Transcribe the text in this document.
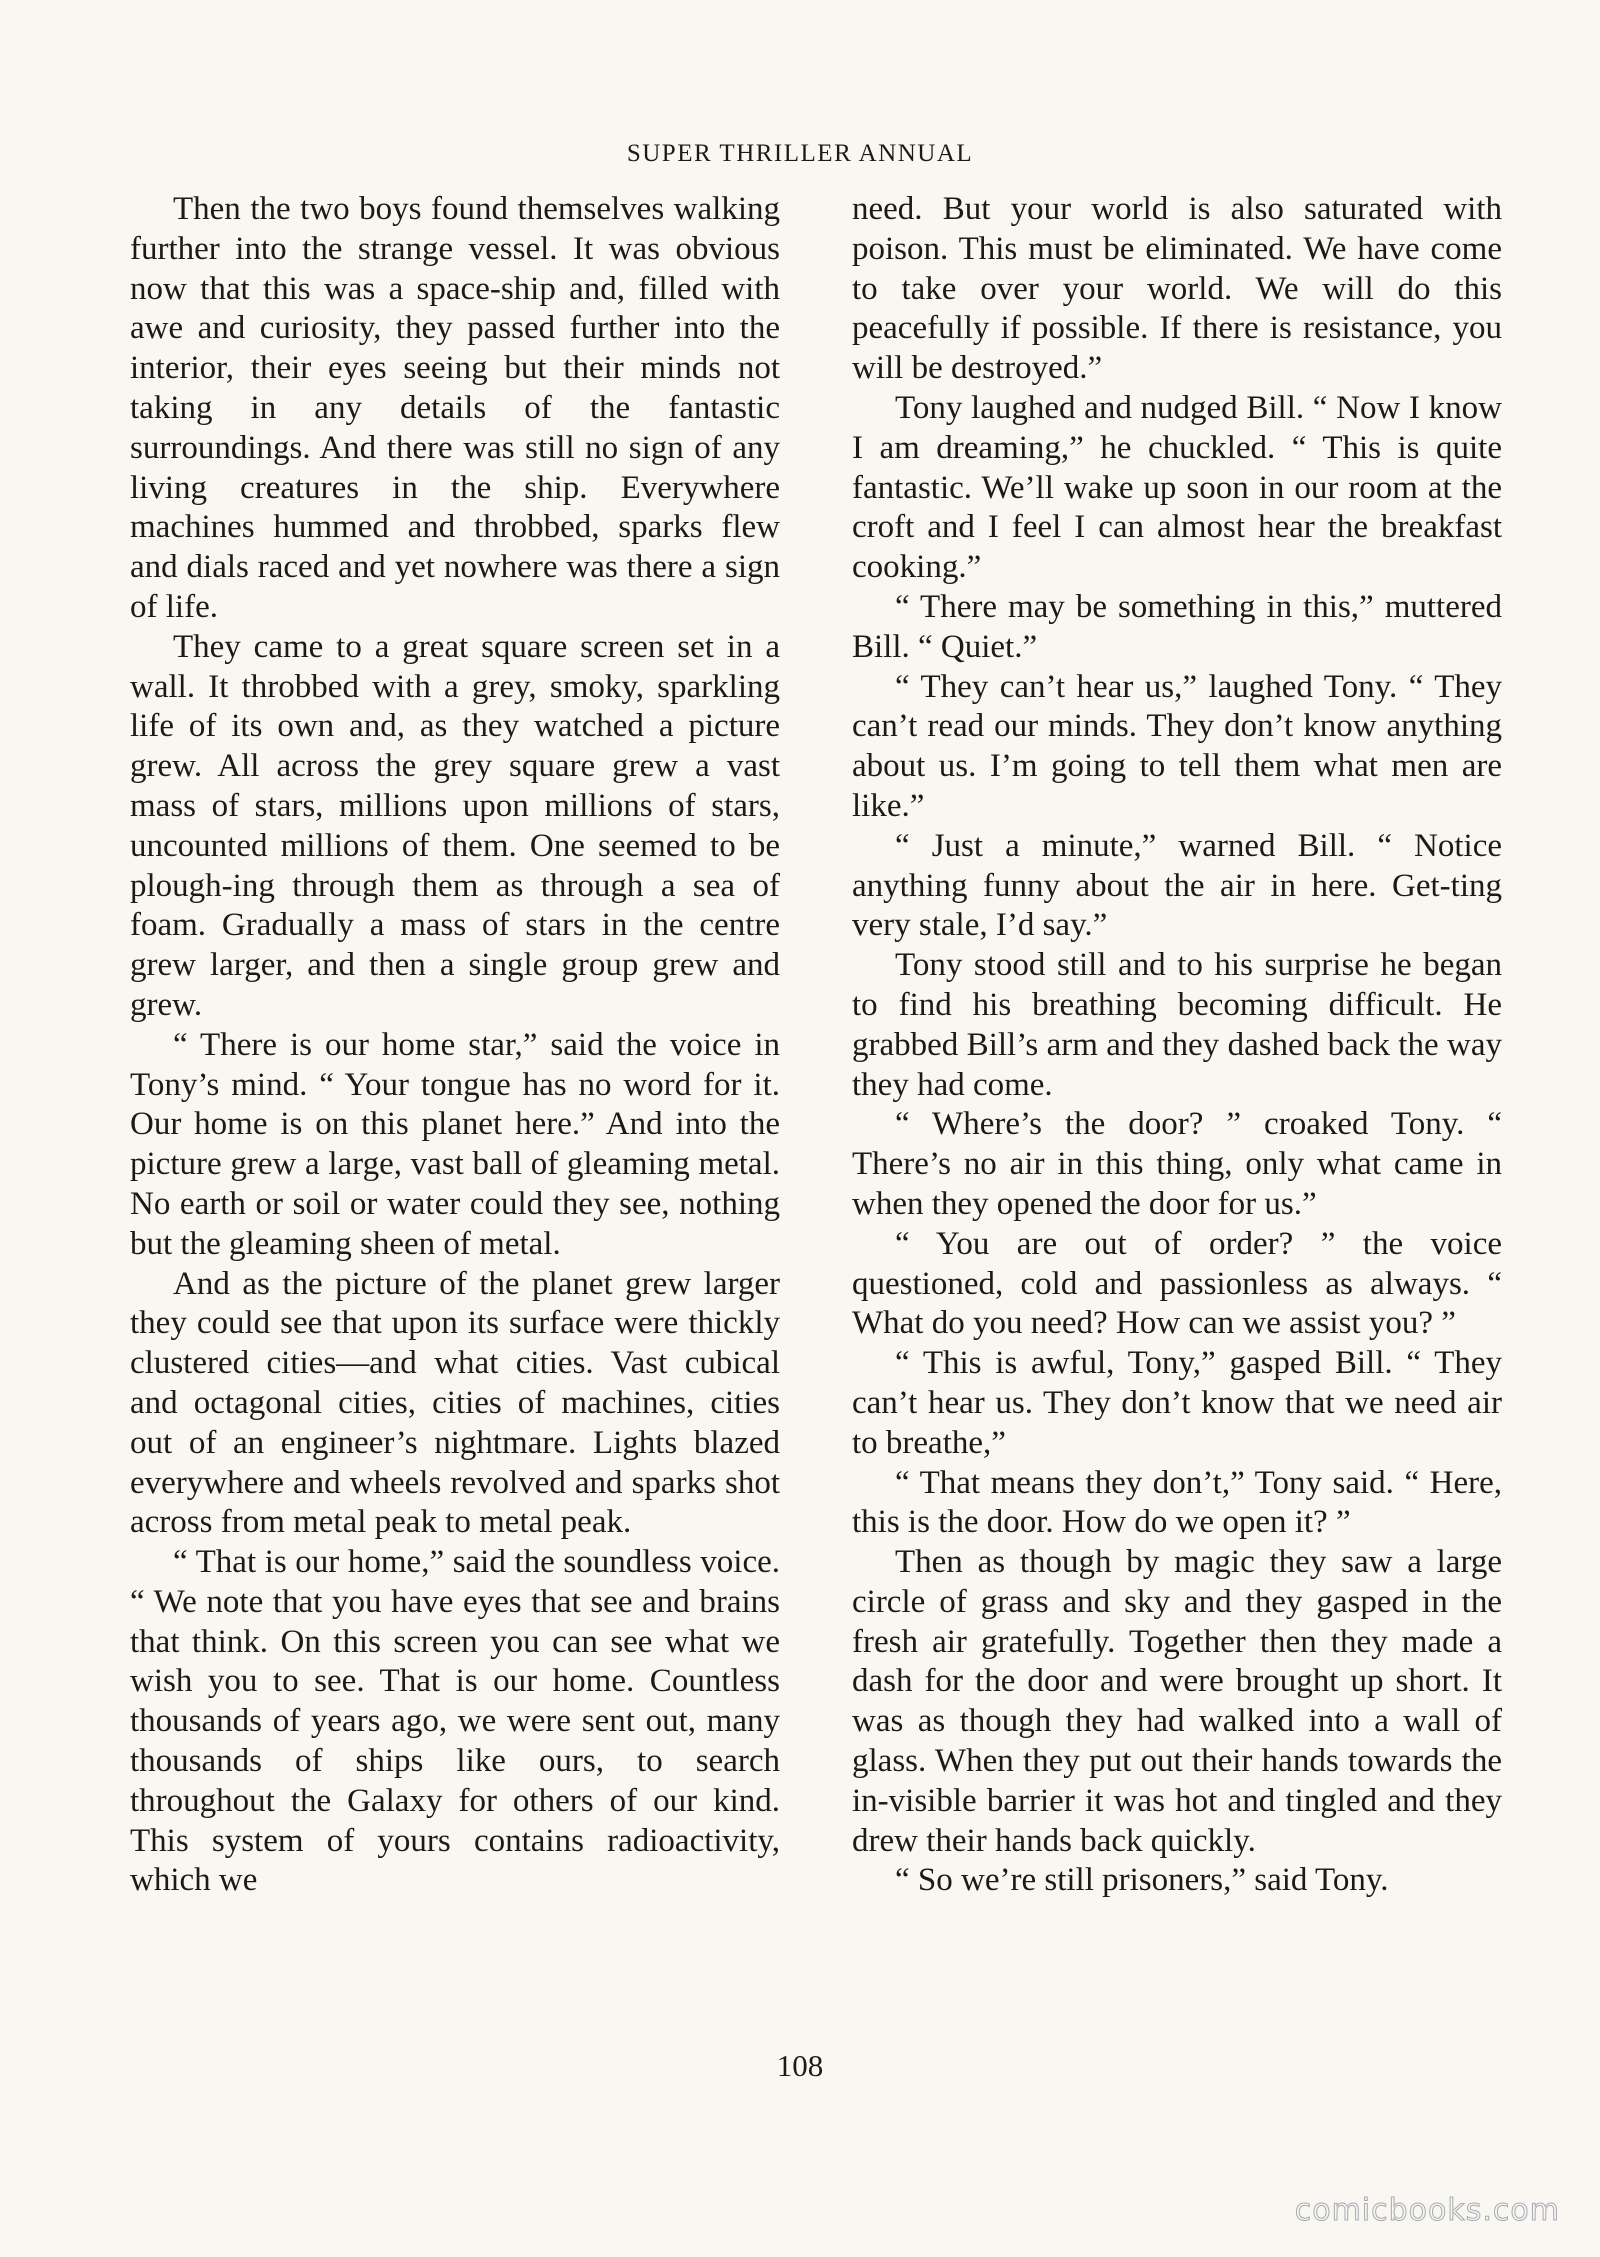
SUPER THRILLER ANNUAL

Then the two boys found themselves walking further into the strange vessel. It was obvious now that this was a space-ship and, filled with awe and curiosity, they passed further into the interior, their eyes seeing but their minds not taking in any details of the fantastic surroundings. And there was still no sign of any living creatures in the ship. Everywhere machines hummed and throbbed, sparks flew and dials raced and yet nowhere was there a sign of life.

They came to a great square screen set in a wall. It throbbed with a grey, smoky, sparkling life of its own and, as they watched a picture grew. All across the grey square grew a vast mass of stars, millions upon millions of stars, uncounted millions of them. One seemed to be plough-ing through them as through a sea of foam. Gradually a mass of stars in the centre grew larger, and then a single group grew and grew.

“ There is our home star,” said the voice in Tony’s mind. “ Your tongue has no word for it. Our home is on this planet here.” And into the picture grew a large, vast ball of gleaming metal. No earth or soil or water could they see, nothing but the gleaming sheen of metal.

And as the picture of the planet grew larger they could see that upon its surface were thickly clustered cities—and what cities. Vast cubical and octagonal cities, cities of machines, cities out of an engineer’s nightmare. Lights blazed everywhere and wheels revolved and sparks shot across from metal peak to metal peak.

“ That is our home,” said the soundless voice. “ We note that you have eyes that see and brains that think. On this screen you can see what we wish you to see. That is our home. Countless thousands of years ago, we were sent out, many thousands of ships like ours, to search throughout the Galaxy for others of our kind. This system of yours contains radioactivity, which we

need. But your world is also saturated with poison. This must be eliminated. We have come to take over your world. We will do this peacefully if possible. If there is resistance, you will be destroyed.”

Tony laughed and nudged Bill. “ Now I know I am dreaming,” he chuckled. “ This is quite fantastic. We’ll wake up soon in our room at the croft and I feel I can almost hear the breakfast cooking.”

“ There may be something in this,” muttered Bill. “ Quiet.”

“ They can’t hear us,” laughed Tony. “ They can’t read our minds. They don’t know anything about us. I’m going to tell them what men are like.”

“ Just a minute,” warned Bill. “ Notice anything funny about the air in here. Get-ting very stale, I’d say.”

Tony stood still and to his surprise he began to find his breathing becoming difficult. He grabbed Bill’s arm and they dashed back the way they had come.

“ Where’s the door? ” croaked Tony. “ There’s no air in this thing, only what came in when they opened the door for us.”

“ You are out of order? ” the voice questioned, cold and passionless as always. “ What do you need? How can we assist you? ”

“ This is awful, Tony,” gasped Bill. “ They can’t hear us. They don’t know that we need air to breathe,”

“ That means they don’t,” Tony said. “ Here, this is the door. How do we open it? ”

Then as though by magic they saw a large circle of grass and sky and they gasped in the fresh air gratefully. Together then they made a dash for the door and were brought up short. It was as though they had walked into a wall of glass. When they put out their hands towards the in-visible barrier it was hot and tingled and they drew their hands back quickly.

“ So we’re still prisoners,” said Tony.

108
comicbooks.com
